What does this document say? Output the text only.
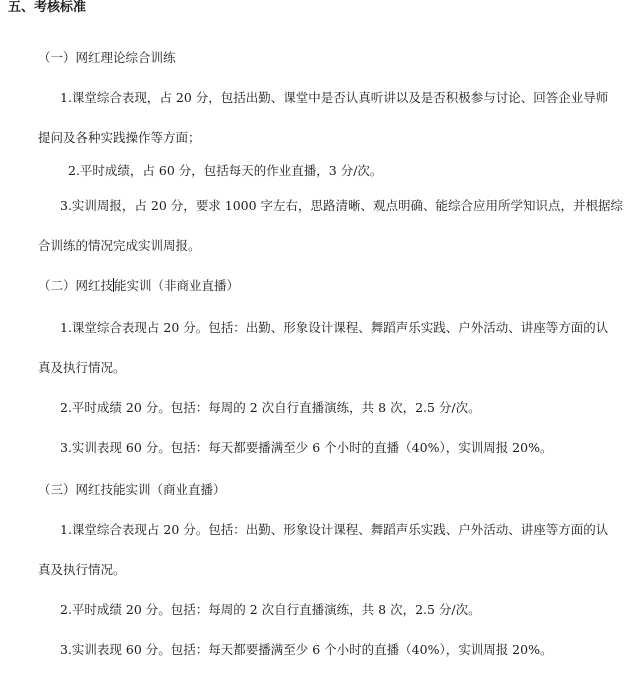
五、考核标准
（一）网红理论综合训练
1.课堂综合表现，占 20 分，包括出勤、课堂中是否认真听讲以及是否积极参与讨论、回答企业导师
提问及各种实践操作等方面；
2.平时成绩，占 60 分，包括每天的作业直播，3 分/次。
3.实训周报，占 20 分，要求 1000 字左右，思路清晰、观点明确、能综合应用所学知识点，并根据综
合训练的情况完成实训周报。
（二）网红技能实训（非商业直播）
1.课堂综合表现占 20 分。包括：出勤、形象设计课程、舞蹈声乐实践、户外活动、讲座等方面的认
真及执行情况。
2.平时成绩 20 分。包括：每周的 2 次自行直播演练，共 8 次，2.5 分/次。
3.实训表现 60 分。包括：每天都要播满至少 6 个小时的直播（40%），实训周报 20%。
（三）网红技能实训（商业直播）
1.课堂综合表现占 20 分。包括：出勤、形象设计课程、舞蹈声乐实践、户外活动、讲座等方面的认
真及执行情况。
2.平时成绩 20 分。包括：每周的 2 次自行直播演练，共 8 次，2.5 分/次。
3.实训表现 60 分。包括：每天都要播满至少 6 个小时的直播（40%），实训周报 20%。
